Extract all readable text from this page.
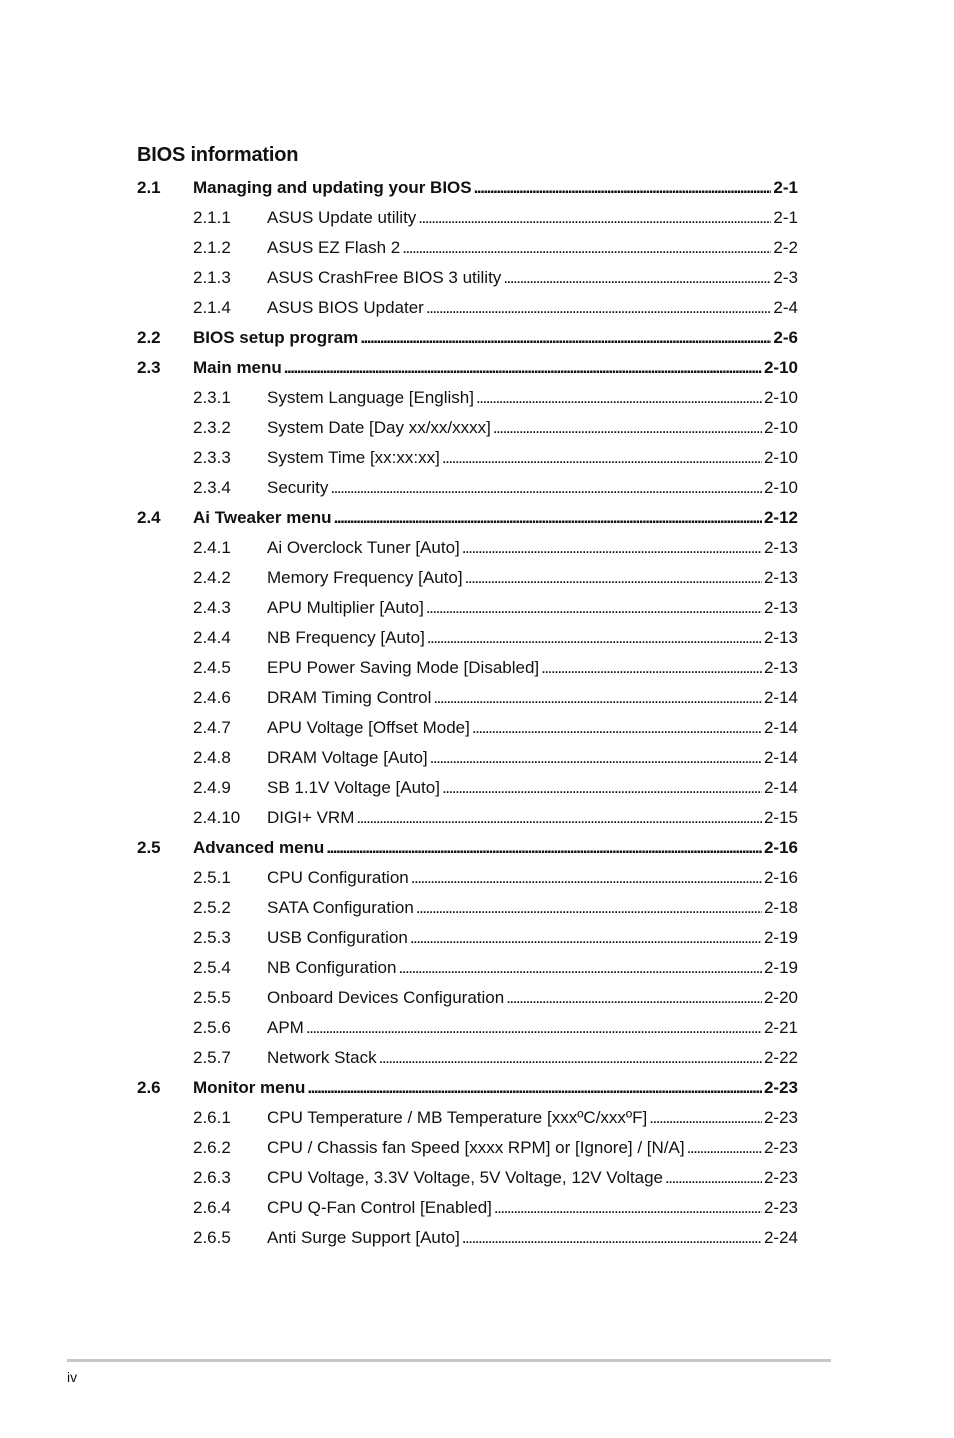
BIOS information
2.1	Managing and updating your BIOS . . .	2-1
2.1.1	ASUS Update utility . . .	2-1
2.1.2	ASUS EZ Flash 2 . . .	2-2
2.1.3	ASUS CrashFree BIOS 3 utility . . .	2-3
2.1.4	ASUS BIOS Updater . . .	2-4
2.2	BIOS setup program . . .	2-6
2.3	Main menu . . .	2-10
2.3.1	System Language [English] . . .	2-10
2.3.2	System Date [Day xx/xx/xxxx] . . .	2-10
2.3.3	System Time [xx:xx:xx] . . .	2-10
2.3.4	Security . . .	2-10
2.4	Ai Tweaker menu . . .	2-12
2.4.1	Ai Overclock Tuner [Auto] . . .	2-13
2.4.2	Memory Frequency [Auto] . . .	2-13
2.4.3	APU Multiplier [Auto] . . .	2-13
2.4.4	NB Frequency [Auto] . . .	2-13
2.4.5	EPU Power Saving Mode [Disabled] . . .	2-13
2.4.6	DRAM Timing Control . . .	2-14
2.4.7	APU Voltage [Offset Mode] . . .	2-14
2.4.8	DRAM Voltage [Auto] . . .	2-14
2.4.9	SB 1.1V Voltage [Auto] . . .	2-14
2.4.10	DIGI+ VRM . . .	2-15
2.5	Advanced menu . . .	2-16
2.5.1	CPU Configuration . . .	2-16
2.5.2	SATA Configuration . . .	2-18
2.5.3	USB Configuration . . .	2-19
2.5.4	NB Configuration . . .	2-19
2.5.5	Onboard Devices Configuration . . .	2-20
2.5.6	APM . . .	2-21
2.5.7	Network Stack . . .	2-22
2.6	Monitor menu . . .	2-23
2.6.1	CPU Temperature / MB Temperature [xxxºC/xxxºF] . . .	2-23
2.6.2	CPU / Chassis fan Speed [xxxx RPM] or [Ignore] / [N/A] . . .	2-23
2.6.3	CPU Voltage, 3.3V Voltage, 5V Voltage, 12V Voltage . . .	2-23
2.6.4	CPU Q-Fan Control [Enabled] . . .	2-23
2.6.5	Anti Surge Support [Auto] . . .	2-24
iv
